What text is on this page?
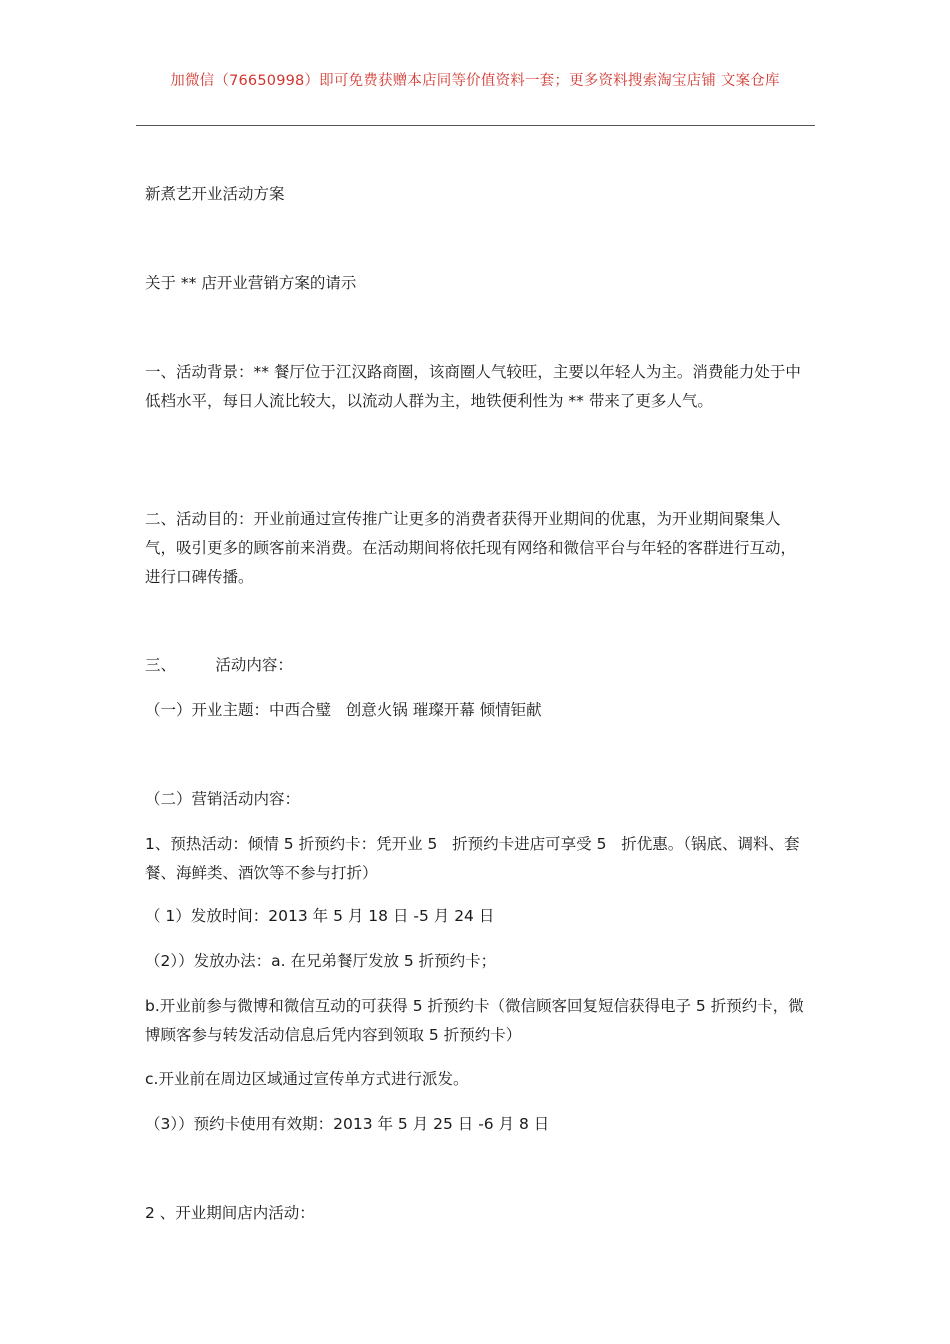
加微信（76650998）即可免费获赠本店同等价值资料一套；更多资料搜索淘宝店铺 文案仓库
新煮艺开业活动方案
关于 ** 店开业营销方案的请示
一、活动背景：** 餐厅位于江汉路商圈，该商圈人气较旺，主要以年轻人为主。消费能力处于中低档水平，每日人流比较大，以流动人群为主，地铁便利性为 ** 带来了更多人气。
二、活动目的：开业前通过宣传推广让更多的消费者获得开业期间的优惠，为开业期间聚集人气，吸引更多的顾客前来消费。在活动期间将依托现有网络和微信平台与年轻的客群进行互动，进行口碑传播。
三、        活动内容：
（一）开业主题：中西合璧   创意火锅 璀璨开幕 倾情钜献
（二）营销活动内容：
1、预热活动：倾情 5 折预约卡：凭开业 5   折预约卡进店可享受 5   折优惠。（锅底、调料、套餐、海鲜类、酒饮等不参与打折）
（ 1）发放时间：2013 年 5 月 18 日 -5 月 24 日
（2））发放办法：a. 在兄弟餐厅发放 5 折预约卡；
b.开业前参与微博和微信互动的可获得 5 折预约卡（微信顾客回复短信获得电子 5 折预约卡，微博顾客参与转发活动信息后凭内容到领取 5 折预约卡）
c.开业前在周边区域通过宣传单方式进行派发。
（3））预约卡使用有效期：2013 年 5 月 25 日 -6 月 8 日
2 、开业期间店内活动：
